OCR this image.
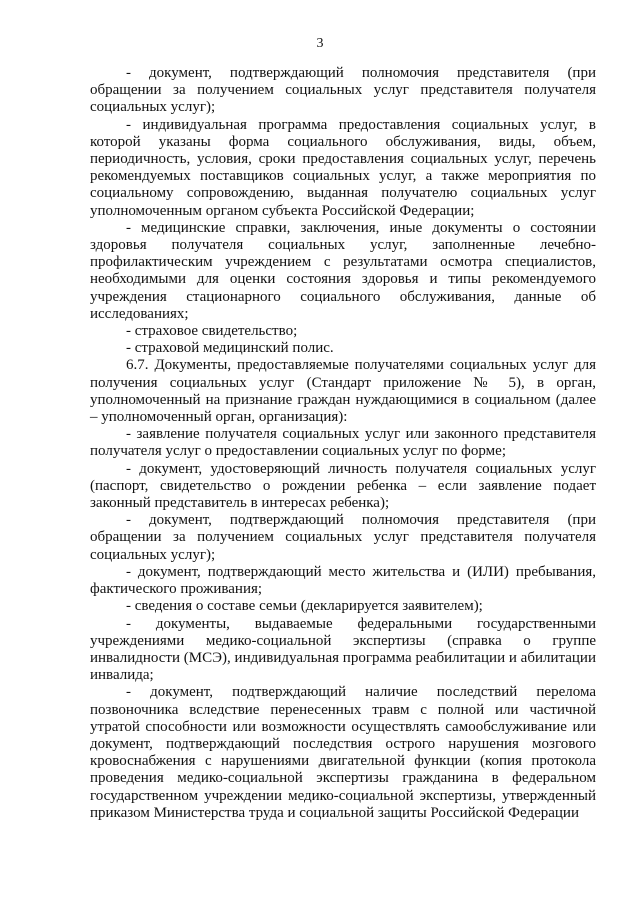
3

- документ, подтверждающий полномочия представителя (при обращении за получением социальных услуг представителя получателя социальных услуг);

- индивидуальная программа предоставления социальных услуг, в которой указаны форма социального обслуживания, виды, объем, периодичность, условия, сроки предоставления социальных услуг, перечень рекомендуемых поставщиков социальных услуг, а также мероприятия по социальному сопровождению, выданная получателю социальных услуг уполномоченным органом субъекта Российской Федерации;

- медицинские справки, заключения, иные документы о состоянии здоровья получателя социальных услуг, заполненные лечебно-профилактическим учреждением с результатами осмотра специалистов, необходимыми для оценки состояния здоровья и типы рекомендуемого учреждения стационарного социального обслуживания, данные об исследованиях;

- страховое свидетельство;

- страховой медицинский полис.

6.7. Документы, предоставляемые получателями социальных услуг для получения социальных услуг (Стандарт приложение № 5), в орган, уполномоченный на признание граждан нуждающимися в социальном (далее – уполномоченный орган, организация):

- заявление получателя социальных услуг или законного представителя получателя услуг о предоставлении социальных услуг по форме;

- документ, удостоверяющий личность получателя социальных услуг (паспорт, свидетельство о рождении ребенка – если заявление подает законный представитель в интересах ребенка);

- документ, подтверждающий полномочия представителя (при обращении за получением социальных услуг представителя получателя социальных услуг);

- документ, подтверждающий место жительства и (ИЛИ) пребывания, фактического проживания;

- сведения о составе семьи (декларируется заявителем);

- документы, выдаваемые федеральными государственными учреждениями медико-социальной экспертизы (справка о группе инвалидности (МСЭ), индивидуальная программа реабилитации и абилитации инвалида;

- документ, подтверждающий наличие последствий перелома позвоночника вследствие перенесенных травм с полной или частичной утратой способности или возможности осуществлять самообслуживание или документ, подтверждающий последствия острого нарушения мозгового кровоснабжения с нарушениями двигательной функции (копия протокола проведения медико-социальной экспертизы гражданина в федеральном государственном учреждении медико-социальной экспертизы, утвержденный приказом Министерства труда и социальной защиты Российской Федерации
